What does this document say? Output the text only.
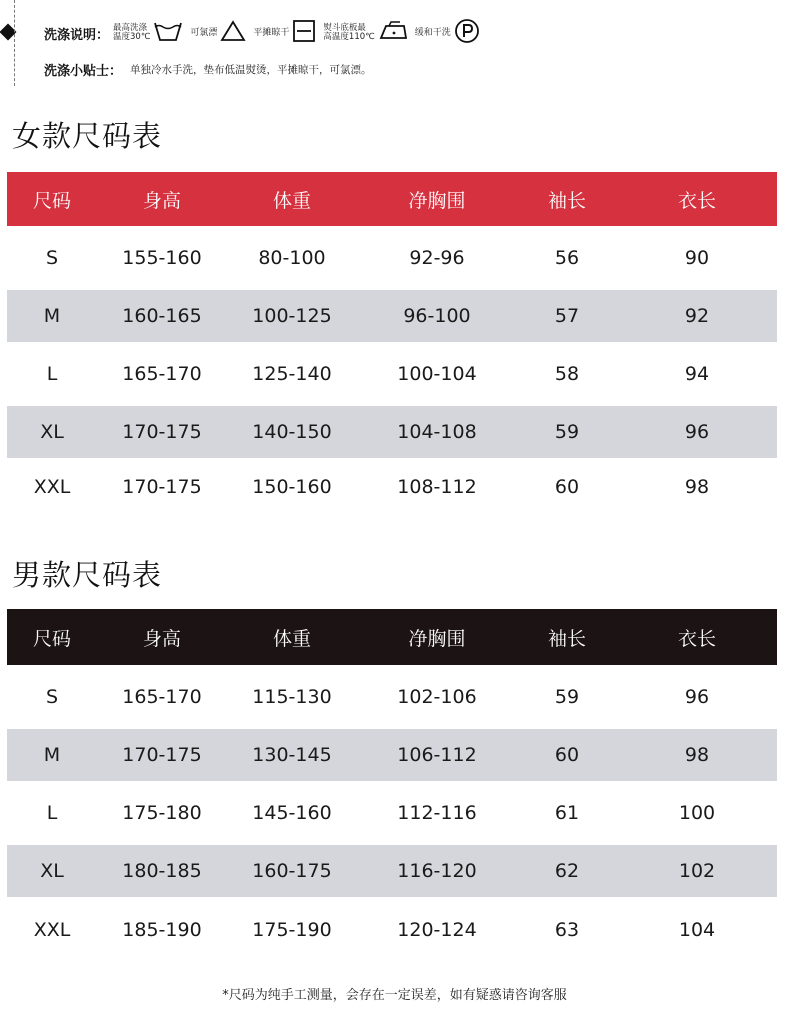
洗涤说明： 最高洗涤
温度30℃	可氯漂	平摊晾干	熨斗底板最
高温度110℃	缓和干洗
洗涤小贴士： 单独冷水手洗，垫布低温熨烫，平摊晾干，可氯漂。
女款尺码表
尺码	身高	体重	净胸围	袖长	衣长
S	155-160	80-100	92-96	56	90
M	160-165	100-125	96-100	57	92
L	165-170	125-140	100-104	58	94
XL	170-175	140-150	104-108	59	96
XXL	170-175	150-160	108-112	60	98
男款尺码表
尺码	身高	体重	净胸围	袖长	衣长
S	165-170	115-130	102-106	59	96
M	170-175	130-145	106-112	60	98
L	175-180	145-160	112-116	61	100
XL	180-185	160-175	116-120	62	102
XXL	185-190	175-190	120-124	63	104
*尺码为纯手工测量，会存在一定误差，如有疑惑请咨询客服
